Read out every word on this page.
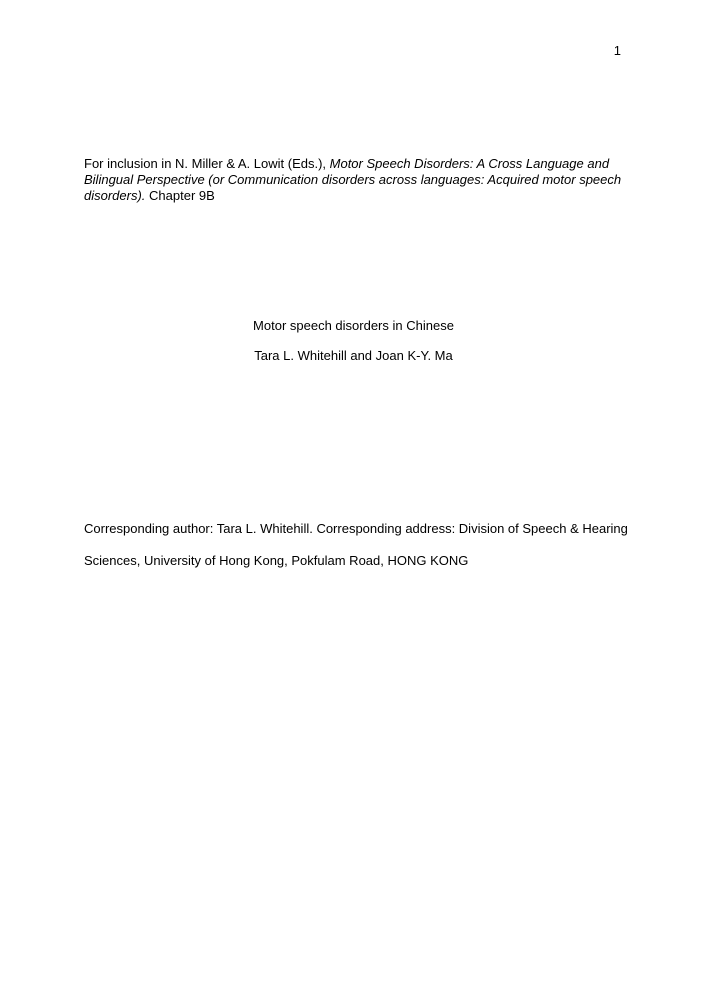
1

For inclusion in N. Miller & A. Lowit (Eds.), Motor Speech Disorders: A Cross Language and Bilingual Perspective (or Communication disorders across languages: Acquired motor speech disorders). Chapter 9B

Motor speech disorders in Chinese
Tara L. Whitehill and Joan K-Y. Ma

Corresponding author: Tara L. Whitehill. Corresponding address: Division of Speech & Hearing Sciences, University of Hong Kong, Pokfulam Road, HONG KONG
